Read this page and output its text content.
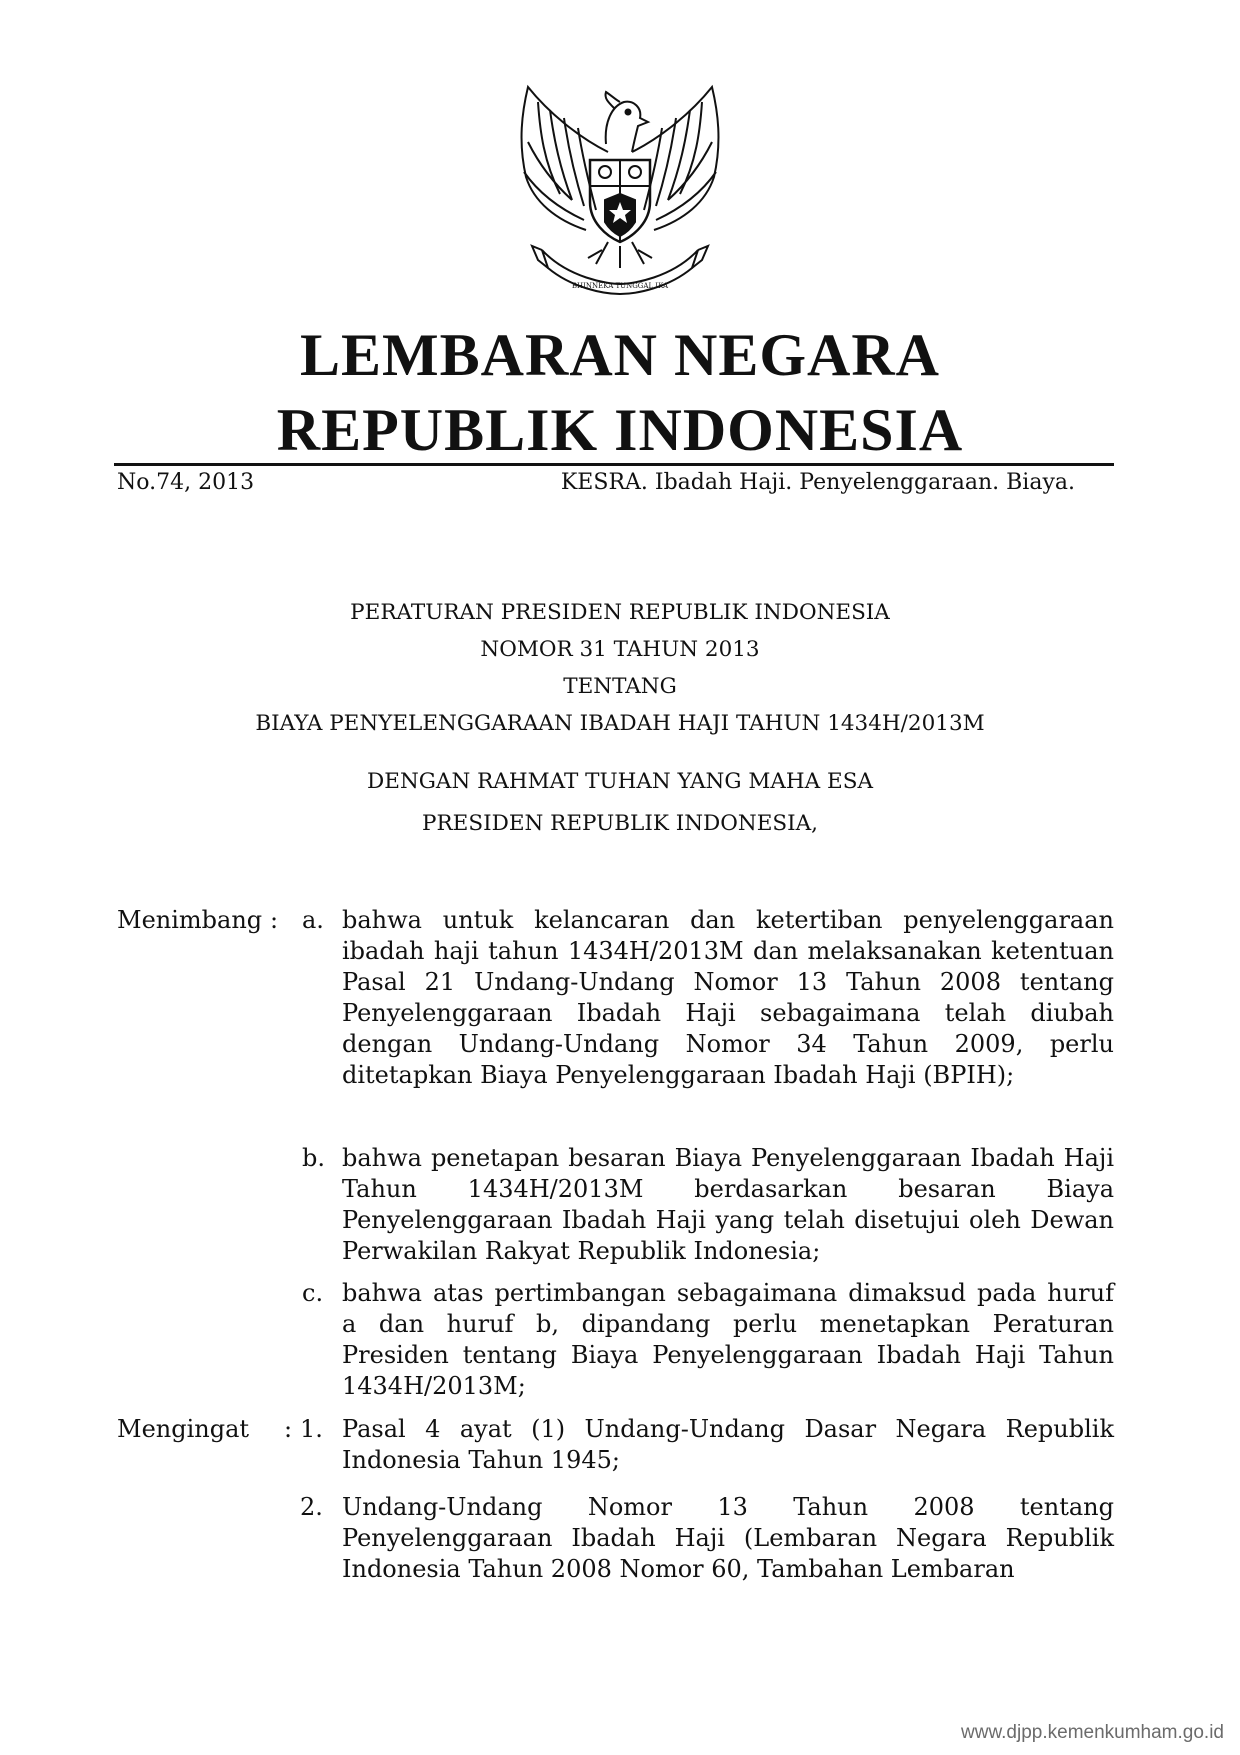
BHINNEKA TUNGGAL IKA
LEMBARAN NEGARA
REPUBLIK INDONESIA
No.74, 2013	KESRA. Ibadah Haji. Penyelenggaraan. Biaya.
PERATURAN PRESIDEN REPUBLIK INDONESIA
NOMOR 31 TAHUN 2013
TENTANG
BIAYA PENYELENGGARAAN IBADAH HAJI TAHUN 1434H/2013M
DENGAN RAHMAT TUHAN YANG MAHA ESA
PRESIDEN REPUBLIK INDONESIA,
Menimbang : a. bahwa untuk kelancaran dan ketertiban penyelenggaraan ibadah haji tahun 1434H/2013M dan melaksanakan ketentuan Pasal 21 Undang-Undang Nomor 13 Tahun 2008 tentang Penyelenggaraan Ibadah Haji sebagaimana telah diubah dengan Undang-Undang Nomor 34 Tahun 2009, perlu ditetapkan Biaya Penyelenggaraan Ibadah Haji (BPIH);

b. bahwa penetapan besaran Biaya Penyelenggaraan Ibadah Haji Tahun 1434H/2013M berdasarkan besaran Biaya Penyelenggaraan Ibadah Haji yang telah disetujui oleh Dewan Perwakilan Rakyat Republik Indonesia;

c. bahwa atas pertimbangan sebagaimana dimaksud pada huruf a dan huruf b, dipandang perlu menetapkan Peraturan Presiden tentang Biaya Penyelenggaraan Ibadah Haji Tahun 1434H/2013M;

Mengingat : 1. Pasal 4 ayat (1) Undang-Undang Dasar Negara Republik Indonesia Tahun 1945;

2. Undang-Undang Nomor 13 Tahun 2008 tentang Penyelenggaraan Ibadah Haji (Lembaran Negara Republik Indonesia Tahun 2008 Nomor 60, Tambahan Lembaran

www.djpp.kemenkumham.go.id
